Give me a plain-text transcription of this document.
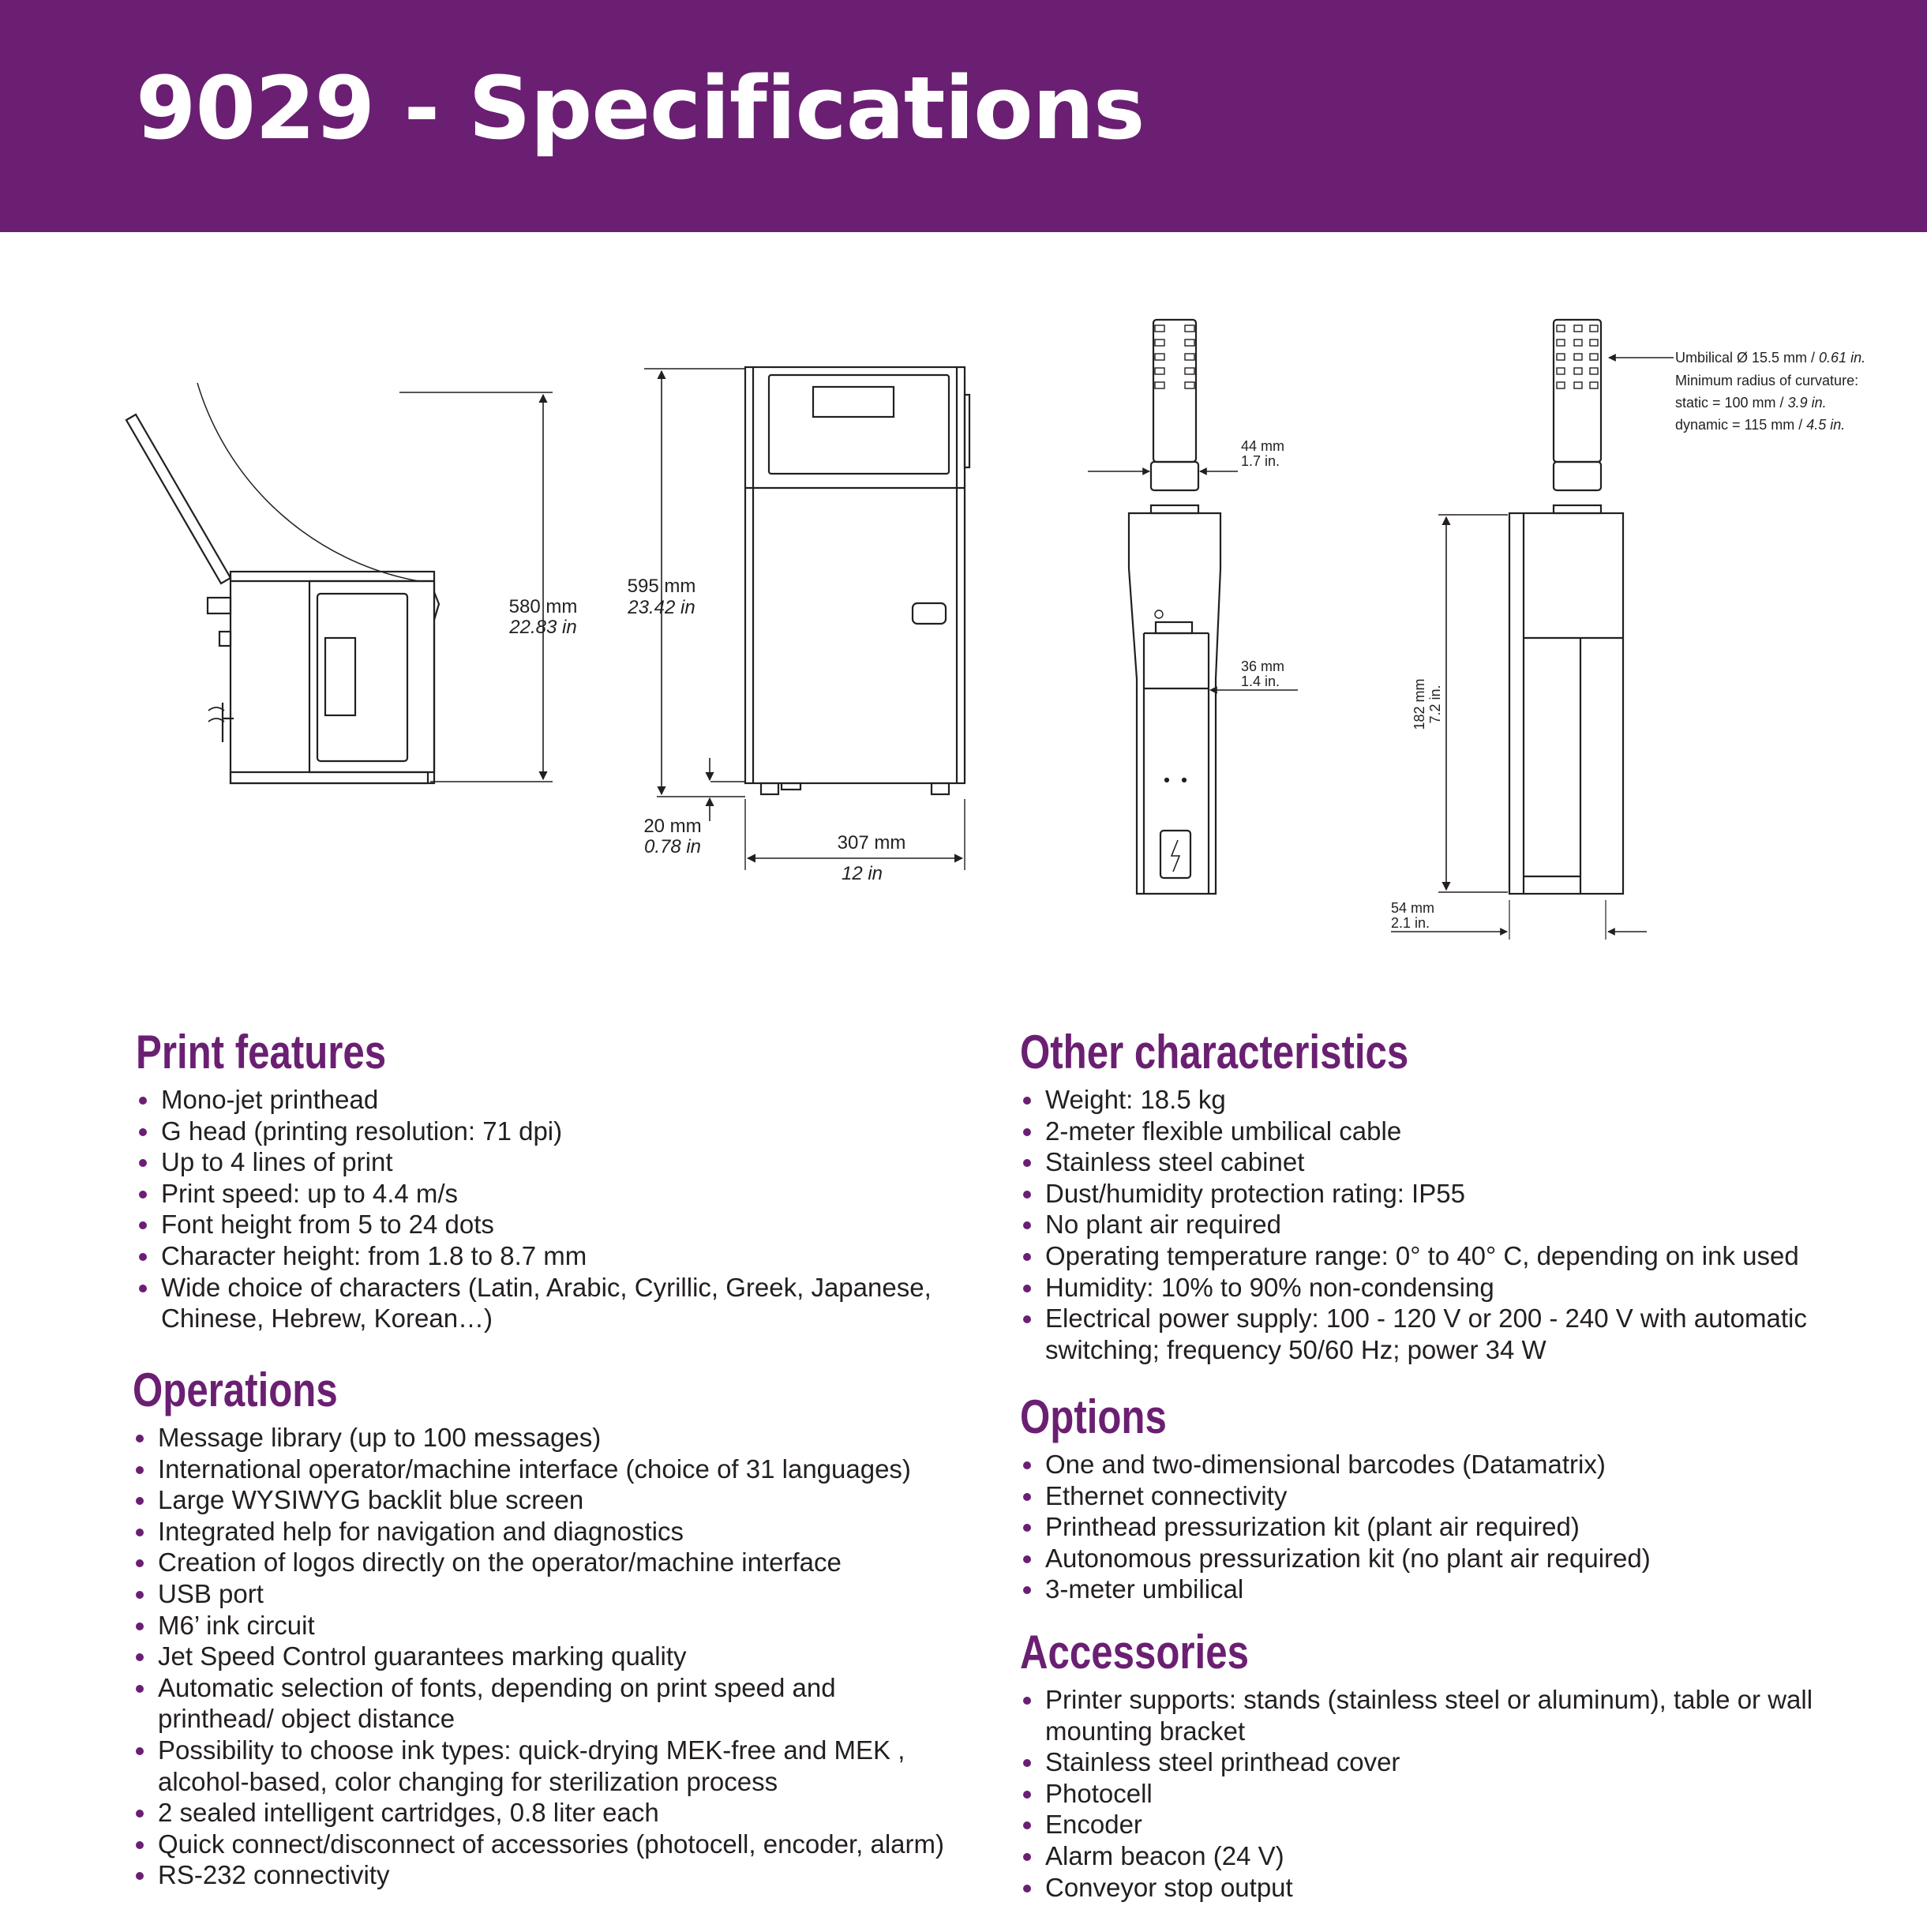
9029 - Specifications
580 mm
22.83 in
595 mm
23.42 in
20 mm
0.78 in	307 mm
12 in
44 mm
1.7 in.
36 mm
1.4 in.
Umbilical Ø 15.5 mm / 0.61 in.
Minimum radius of curvature:
static = 100 mm / 3.9 in.
dynamic = 115 mm / 4.5 in.
182 mm 7.2 in.
54 mm
2.1 in.
Print features
Mono-jet printhead
G head (printing resolution: 71 dpi)
Up to 4 lines of print
Print speed: up to 4.4 m/s
Font height from 5 to 24 dots
Character height: from 1.8 to 8.7 mm
Wide choice of characters (Latin, Arabic, Cyrillic, Greek, Japanese, Chinese, Hebrew, Korean…)
Operations
Message library (up to 100 messages)
International operator/machine interface (choice of 31 languages)
Large WYSIWYG backlit blue screen
Integrated help for navigation and diagnostics
Creation of logos directly on the operator/machine interface
USB port
M6’ ink circuit
Jet Speed Control guarantees marking quality
Automatic selection of fonts, depending on print speed and printhead/ object distance
Possibility to choose ink types: quick-drying MEK-free and MEK , alcohol-based, color changing for sterilization process
2 sealed intelligent cartridges, 0.8 liter each
Quick connect/disconnect of accessories (photocell, encoder, alarm)
RS-232 connectivity
Other characteristics
Weight: 18.5 kg
2-meter flexible umbilical cable
Stainless steel cabinet
Dust/humidity protection rating: IP55
No plant air required
Operating temperature range: 0° to 40° C, depending on ink used
Humidity: 10% to 90% non-condensing
Electrical power supply: 100 - 120 V or 200 - 240 V with automatic switching; frequency 50/60 Hz; power 34 W
Options
One and two-dimensional barcodes (Datamatrix)
Ethernet connectivity
Printhead pressurization kit (plant air required)
Autonomous pressurization kit (no plant air required)
3-meter umbilical
Accessories
Printer supports: stands (stainless steel or aluminum), table or wall mounting bracket
Stainless steel printhead cover
Photocell
Encoder
Alarm beacon (24 V)
Conveyor stop output
